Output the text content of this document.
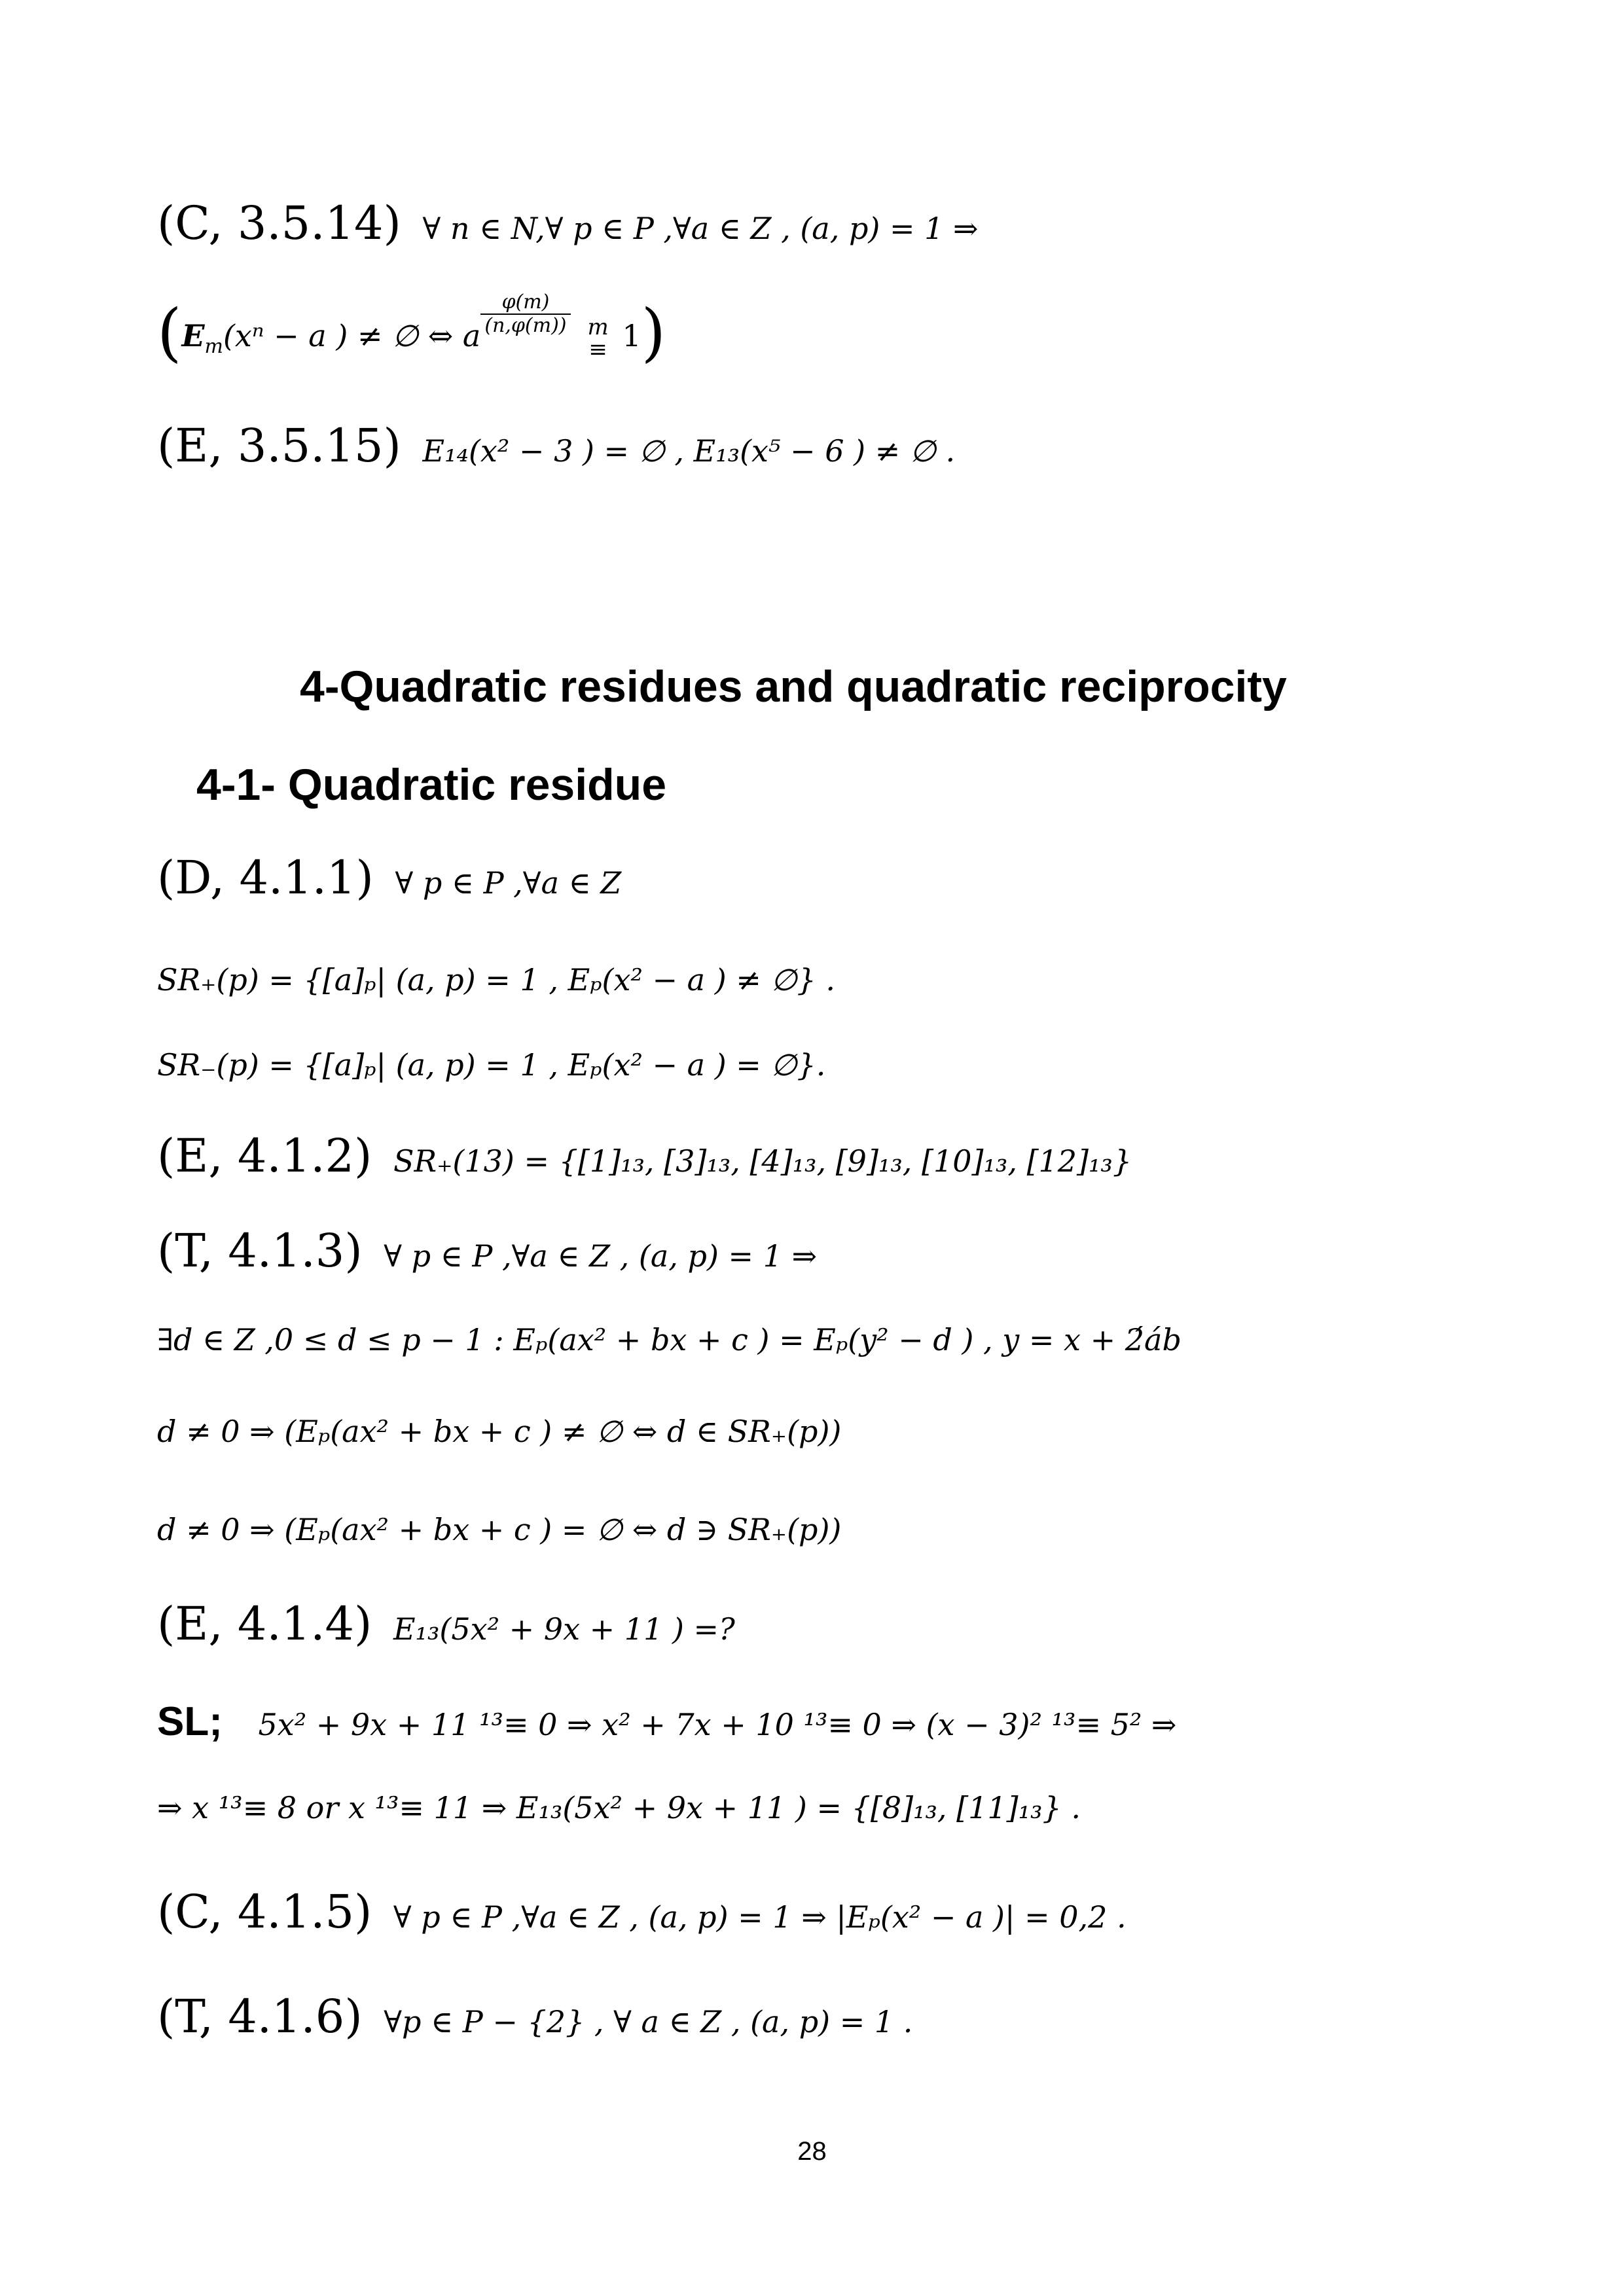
(C, 3.5.14) ∀ n ∈ N,∀ p ∈ P ,∀a ∈ Z , (a, p) = 1 ⇒
($E_m(x^n - a$ ) ≠ ∅ ⇔ a $\frac{\varphi(m)}{(n,\varphi(m))}$ m
≡ 1)
(E, 3.5.15) E₁₄(x² − 3 ) = ∅ , E₁₃(x⁵ − 6 ) ≠ ∅ .
4-Quadratic residues and quadratic reciprocity
4-1- Quadratic residue
(D, 4.1.1) ∀ p ∈ P ,∀a ∈ Z
SR₊(p) = {[a]ₚ| (a, p) = 1 , Eₚ(x² − a ) ≠ ∅} .
SR₋(p) = {[a]ₚ| (a, p) = 1 , Eₚ(x² − a ) = ∅}.
(E, 4.1.2) SR₊(13) = {[1]₁₃, [3]₁₃, [4]₁₃, [9]₁₃, [10]₁₃, [12]₁₃}
(T, 4.1.3) ∀ p ∈ P ,∀a ∈ Z , (a, p) = 1 ⇒
∃d ∈ Z ,0 ≤ d ≤ p − 1 : Eₚ(ax² + bx + c ) = Eₚ(y² − d ) , y = x + 2́áb
d ≠ 0 ⇒ (Eₚ(ax² + bx + c ) ≠ ∅ ⇔ d ∈ SR₊(p))
d ≠ 0 ⇒ (Eₚ(ax² + bx + c ) = ∅ ⇔ d ∋ SR₊(p))
(E, 4.1.4) E₁₃(5x² + 9x + 11 ) =?
SL; 5x² + 9x + 11 ¹³≡ 0 ⇒ x² + 7x + 10 ¹³≡ 0 ⇒ (x − 3)² ¹³≡ 5² ⇒
⇒ x ¹³≡ 8 or x ¹³≡ 11 ⇒ E₁₃(5x² + 9x + 11 ) = {[8]₁₃, [11]₁₃} .
(C, 4.1.5) ∀ p ∈ P ,∀a ∈ Z , (a, p) = 1 ⇒ |Eₚ(x² − a )| = 0,2 .
(T, 4.1.6) ∀p ∈ P − {2} , ∀ a ∈ Z , (a, p) = 1 .
28
